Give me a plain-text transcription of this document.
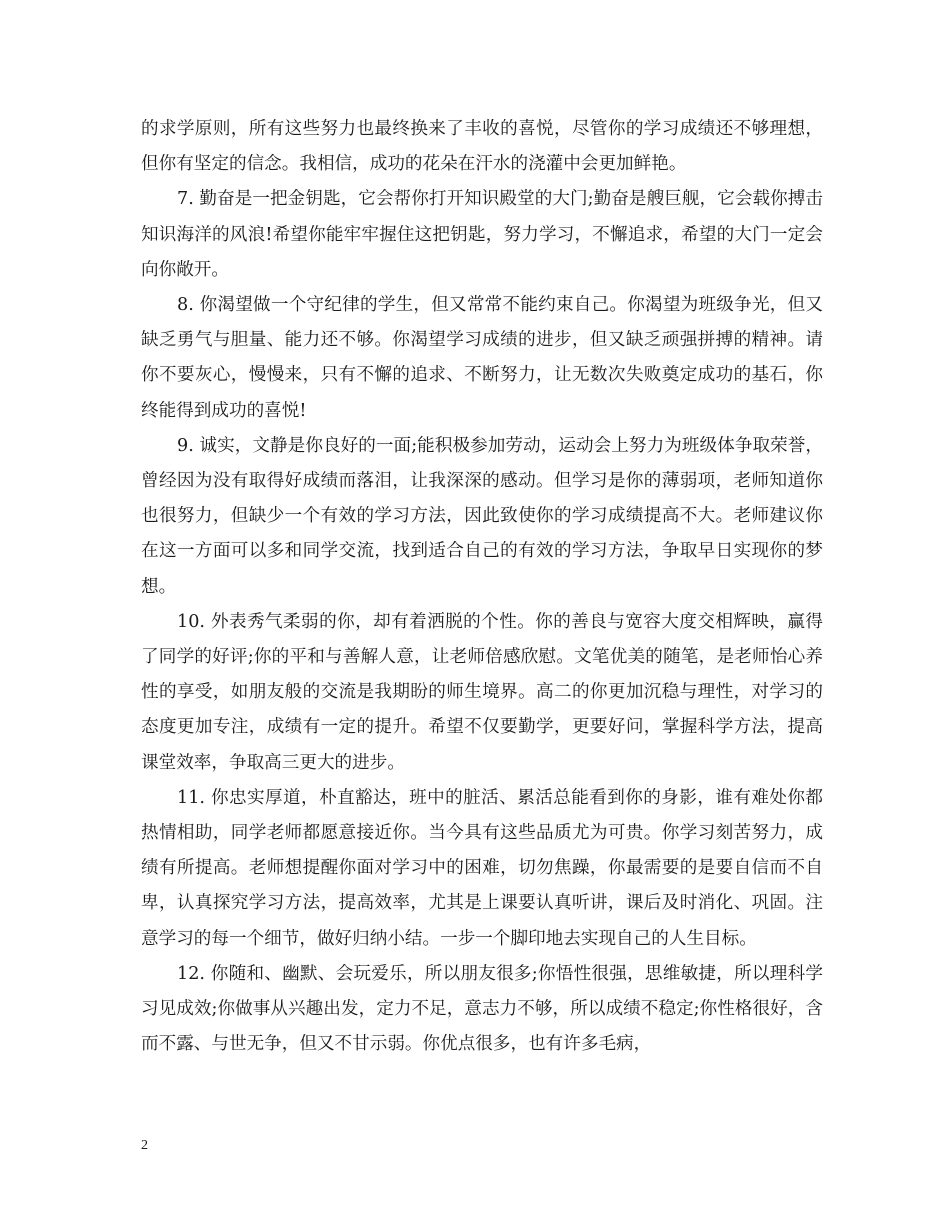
的求学原则，所有这些努力也最终换来了丰收的喜悦，尽管你的学习成绩还不够理想，但你有坚定的信念。我相信，成功的花朵在汗水的浇灌中会更加鲜艳。

7. 勤奋是一把金钥匙，它会帮你打开知识殿堂的大门;勤奋是艘巨舰，它会载你搏击知识海洋的风浪!希望你能牢牢握住这把钥匙，努力学习，不懈追求，希望的大门一定会向你敞开。

8. 你渴望做一个守纪律的学生，但又常常不能约束自己。你渴望为班级争光，但又缺乏勇气与胆量、能力还不够。你渴望学习成绩的进步，但又缺乏顽强拼搏的精神。请你不要灰心，慢慢来，只有不懈的追求、不断努力，让无数次失败奠定成功的基石，你终能得到成功的喜悦!

9. 诚实，文静是你良好的一面;能积极参加劳动，运动会上努力为班级体争取荣誉，曾经因为没有取得好成绩而落泪，让我深深的感动。但学习是你的薄弱项，老师知道你也很努力，但缺少一个有效的学习方法，因此致使你的学习成绩提高不大。老师建议你在这一方面可以多和同学交流，找到适合自己的有效的学习方法，争取早日实现你的梦想。

10. 外表秀气柔弱的你，却有着洒脱的个性。你的善良与宽容大度交相辉映，赢得了同学的好评;你的平和与善解人意，让老师倍感欣慰。文笔优美的随笔，是老师怡心养性的享受，如朋友般的交流是我期盼的师生境界。高二的你更加沉稳与理性，对学习的态度更加专注，成绩有一定的提升。希望不仅要勤学，更要好问，掌握科学方法，提高课堂效率，争取高三更大的进步。

11. 你忠实厚道，朴直豁达，班中的脏活、累活总能看到你的身影，谁有难处你都热情相助，同学老师都愿意接近你。当今具有这些品质尤为可贵。你学习刻苦努力，成绩有所提高。老师想提醒你面对学习中的困难，切勿焦躁，你最需要的是要自信而不自卑，认真探究学习方法，提高效率，尤其是上课要认真听讲，课后及时消化、巩固。注意学习的每一个细节，做好归纳小结。一步一个脚印地去实现自己的人生目标。

12. 你随和、幽默、会玩爱乐，所以朋友很多;你悟性很强，思维敏捷，所以理科学习见成效;你做事从兴趣出发，定力不足，意志力不够，所以成绩不稳定;你性格很好，含而不露、与世无争，但又不甘示弱。你优点很多，也有许多毛病，

2
